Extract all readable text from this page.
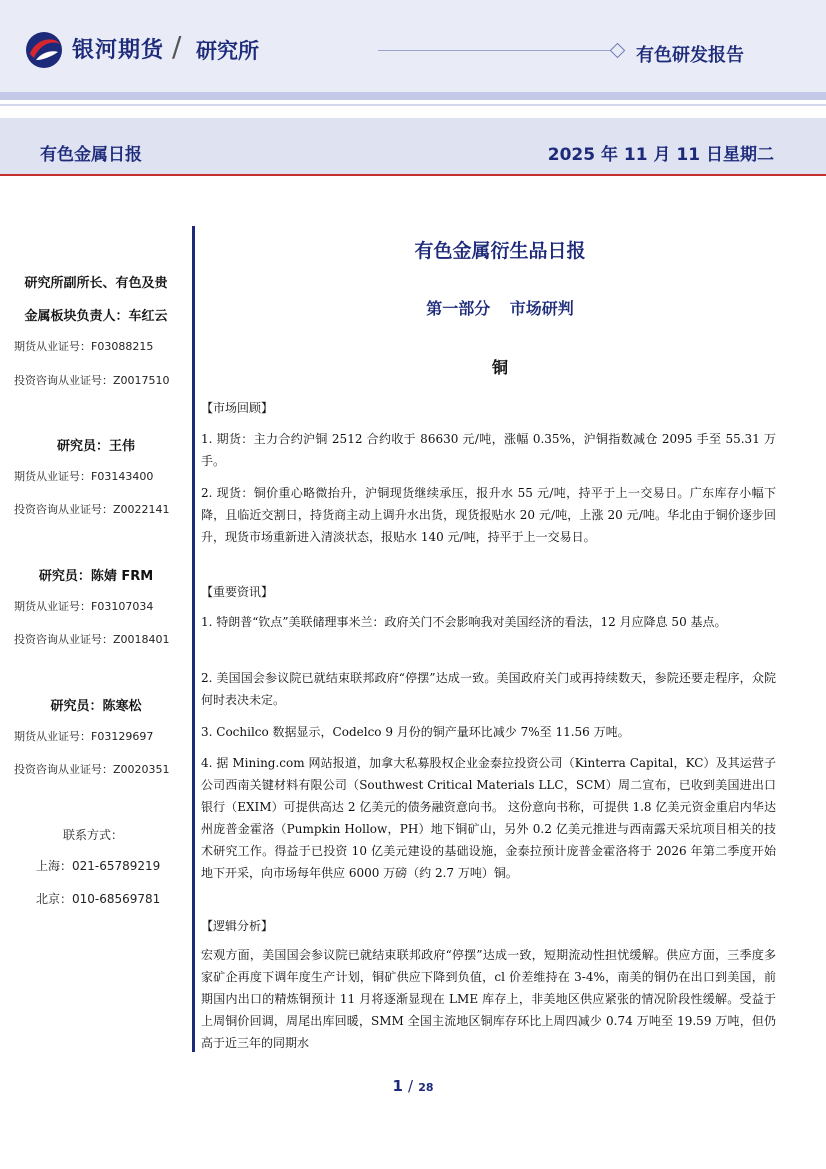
银河期货 / 研究所	有色研发报告
有色金属日报	2025 年 11 月 11 日星期二
研究所副所长、有色及贵
金属板块负责人：车红云
期货从业证号：F03088215
投资咨询从业证号：Z0017510
研究员：王伟
期货从业证号：F03143400
投资咨询从业证号：Z0022141
研究员：陈婧 FRM
期货从业证号：F03107034
投资咨询从业证号：Z0018401
研究员：陈寒松
期货从业证号：F03129697
投资咨询从业证号：Z0020351
联系方式：
上海：021-65789219
北京：010-68569781
有色金属衍生品日报
第一部分 市场研判
铜
【市场回顾】
1. 期货：主力合约沪铜 2512 合约收于 86630 元/吨，涨幅 0.35%，沪铜指数减仓 2095 手至 55.31 万手。
2. 现货：铜价重心略微抬升，沪铜现货继续承压，报升水 55 元/吨，持平于上一交易日。广东库存小幅下降，且临近交割日，持货商主动上调升水出货，现货报贴水 20 元/吨，上涨 20 元/吨。华北由于铜价逐步回升，现货市场重新进入清淡状态，报贴水 140 元/吨，持平于上一交易日。
【重要资讯】
1. 特朗普“钦点”美联储理事米兰：政府关门不会影响我对美国经济的看法，12 月应降息 50 基点。
2. 美国国会参议院已就结束联邦政府“停摆”达成一致。美国政府关门或再持续数天，参院还要走程序，众院何时表决未定。
3. Cochilco 数据显示，Codelco 9 月份的铜产量环比减少 7%至 11.56 万吨。
4. 据 Mining.com 网站报道，加拿大私募股权企业金泰拉投资公司（Kinterra Capital，KC）及其运营子公司西南关键材料有限公司（Southwest Critical Materials LLC，SCM）周二宣布，已收到美国进出口银行（EXIM）可提供高达 2 亿美元的债务融资意向书。 这份意向书称，可提供 1.8 亿美元资金重启内华达州庞普金霍洛（Pumpkin Hollow，PH）地下铜矿山，另外 0.2 亿美元推进与西南露天采坑项目相关的技术研究工作。得益于已投资 10 亿美元建设的基础设施，金泰拉预计庞普金霍洛将于 2026 年第二季度开始地下开采，向市场每年供应 6000 万磅（约 2.7 万吨）铜。
【逻辑分析】
宏观方面，美国国会参议院已就结束联邦政府“停摆”达成一致，短期流动性担忧缓解。供应方面，三季度多家矿企再度下调年度生产计划，铜矿供应下降到负值，cl 价差维持在 3-4%，南美的铜仍在出口到美国，前期国内出口的精炼铜预计 11 月将逐渐显现在 LME 库存上，非美地区供应紧张的情况阶段性缓解。受益于上周铜价回调，周尾出库回暖，SMM 全国主流地区铜库存环比上周四减少 0.74 万吨至 19.59 万吨，但仍高于近三年的同期水
1 / 28
